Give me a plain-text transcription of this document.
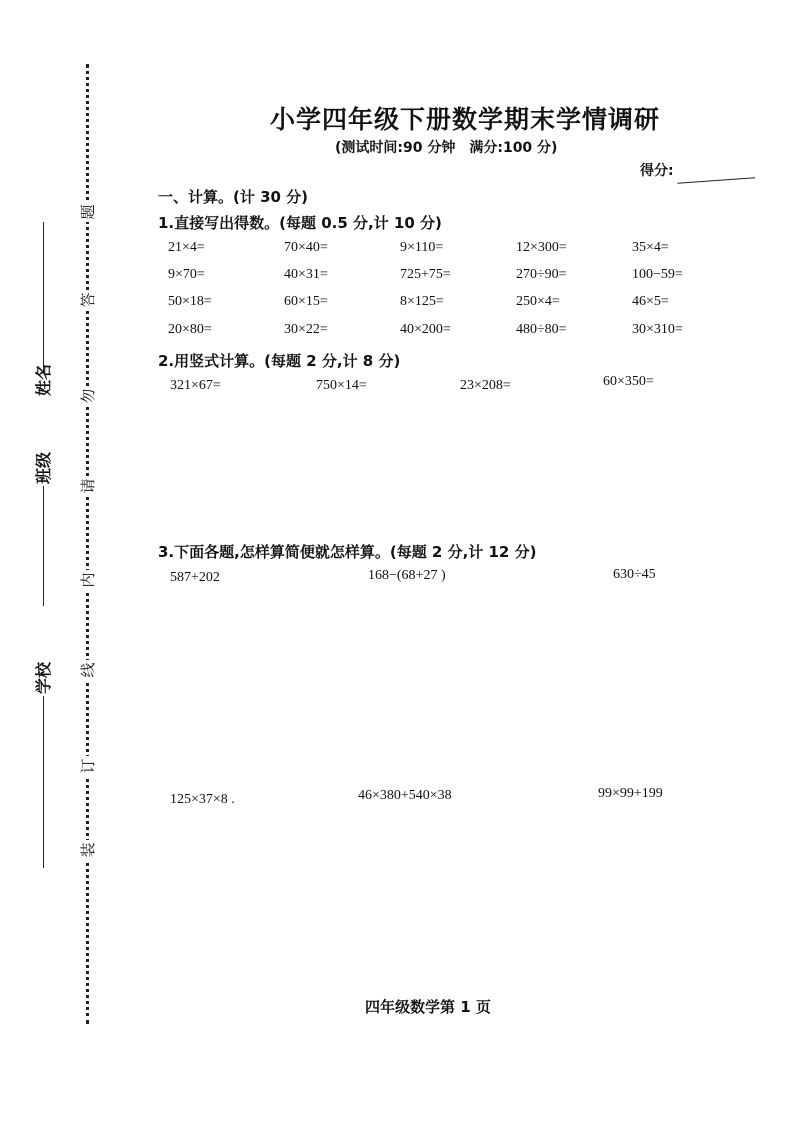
题
答
勿
请
内
线
订
装
姓名
班级
学校
小学四年级下册数学期末学情调研
(测试时间:90 分钟　满分:100 分)
得分:
一、计算。(计 30 分)
1.直接写出得数。(每题 0.5 分,计 10 分)
21×4=	70×40=	9×110=	12×300=	35×4=
9×70=	40×31=	725+75=	270÷90=	100−59=
50×18=	60×15=	8×125=	250×4=	46×5=
20×80=	30×22=	40×200=	480÷80=	30×310=
2.用竖式计算。(每题 2 分,计 8 分)
321×67=	750×14=	23×208=	60×350=
3.下面各题,怎样算简便就怎样算。(每题 2 分,计 12 分)
587+202	168−(68+27 )	630÷45
125×37×8 .	46×380+540×38	99×99+199
四年级数学第 1 页
